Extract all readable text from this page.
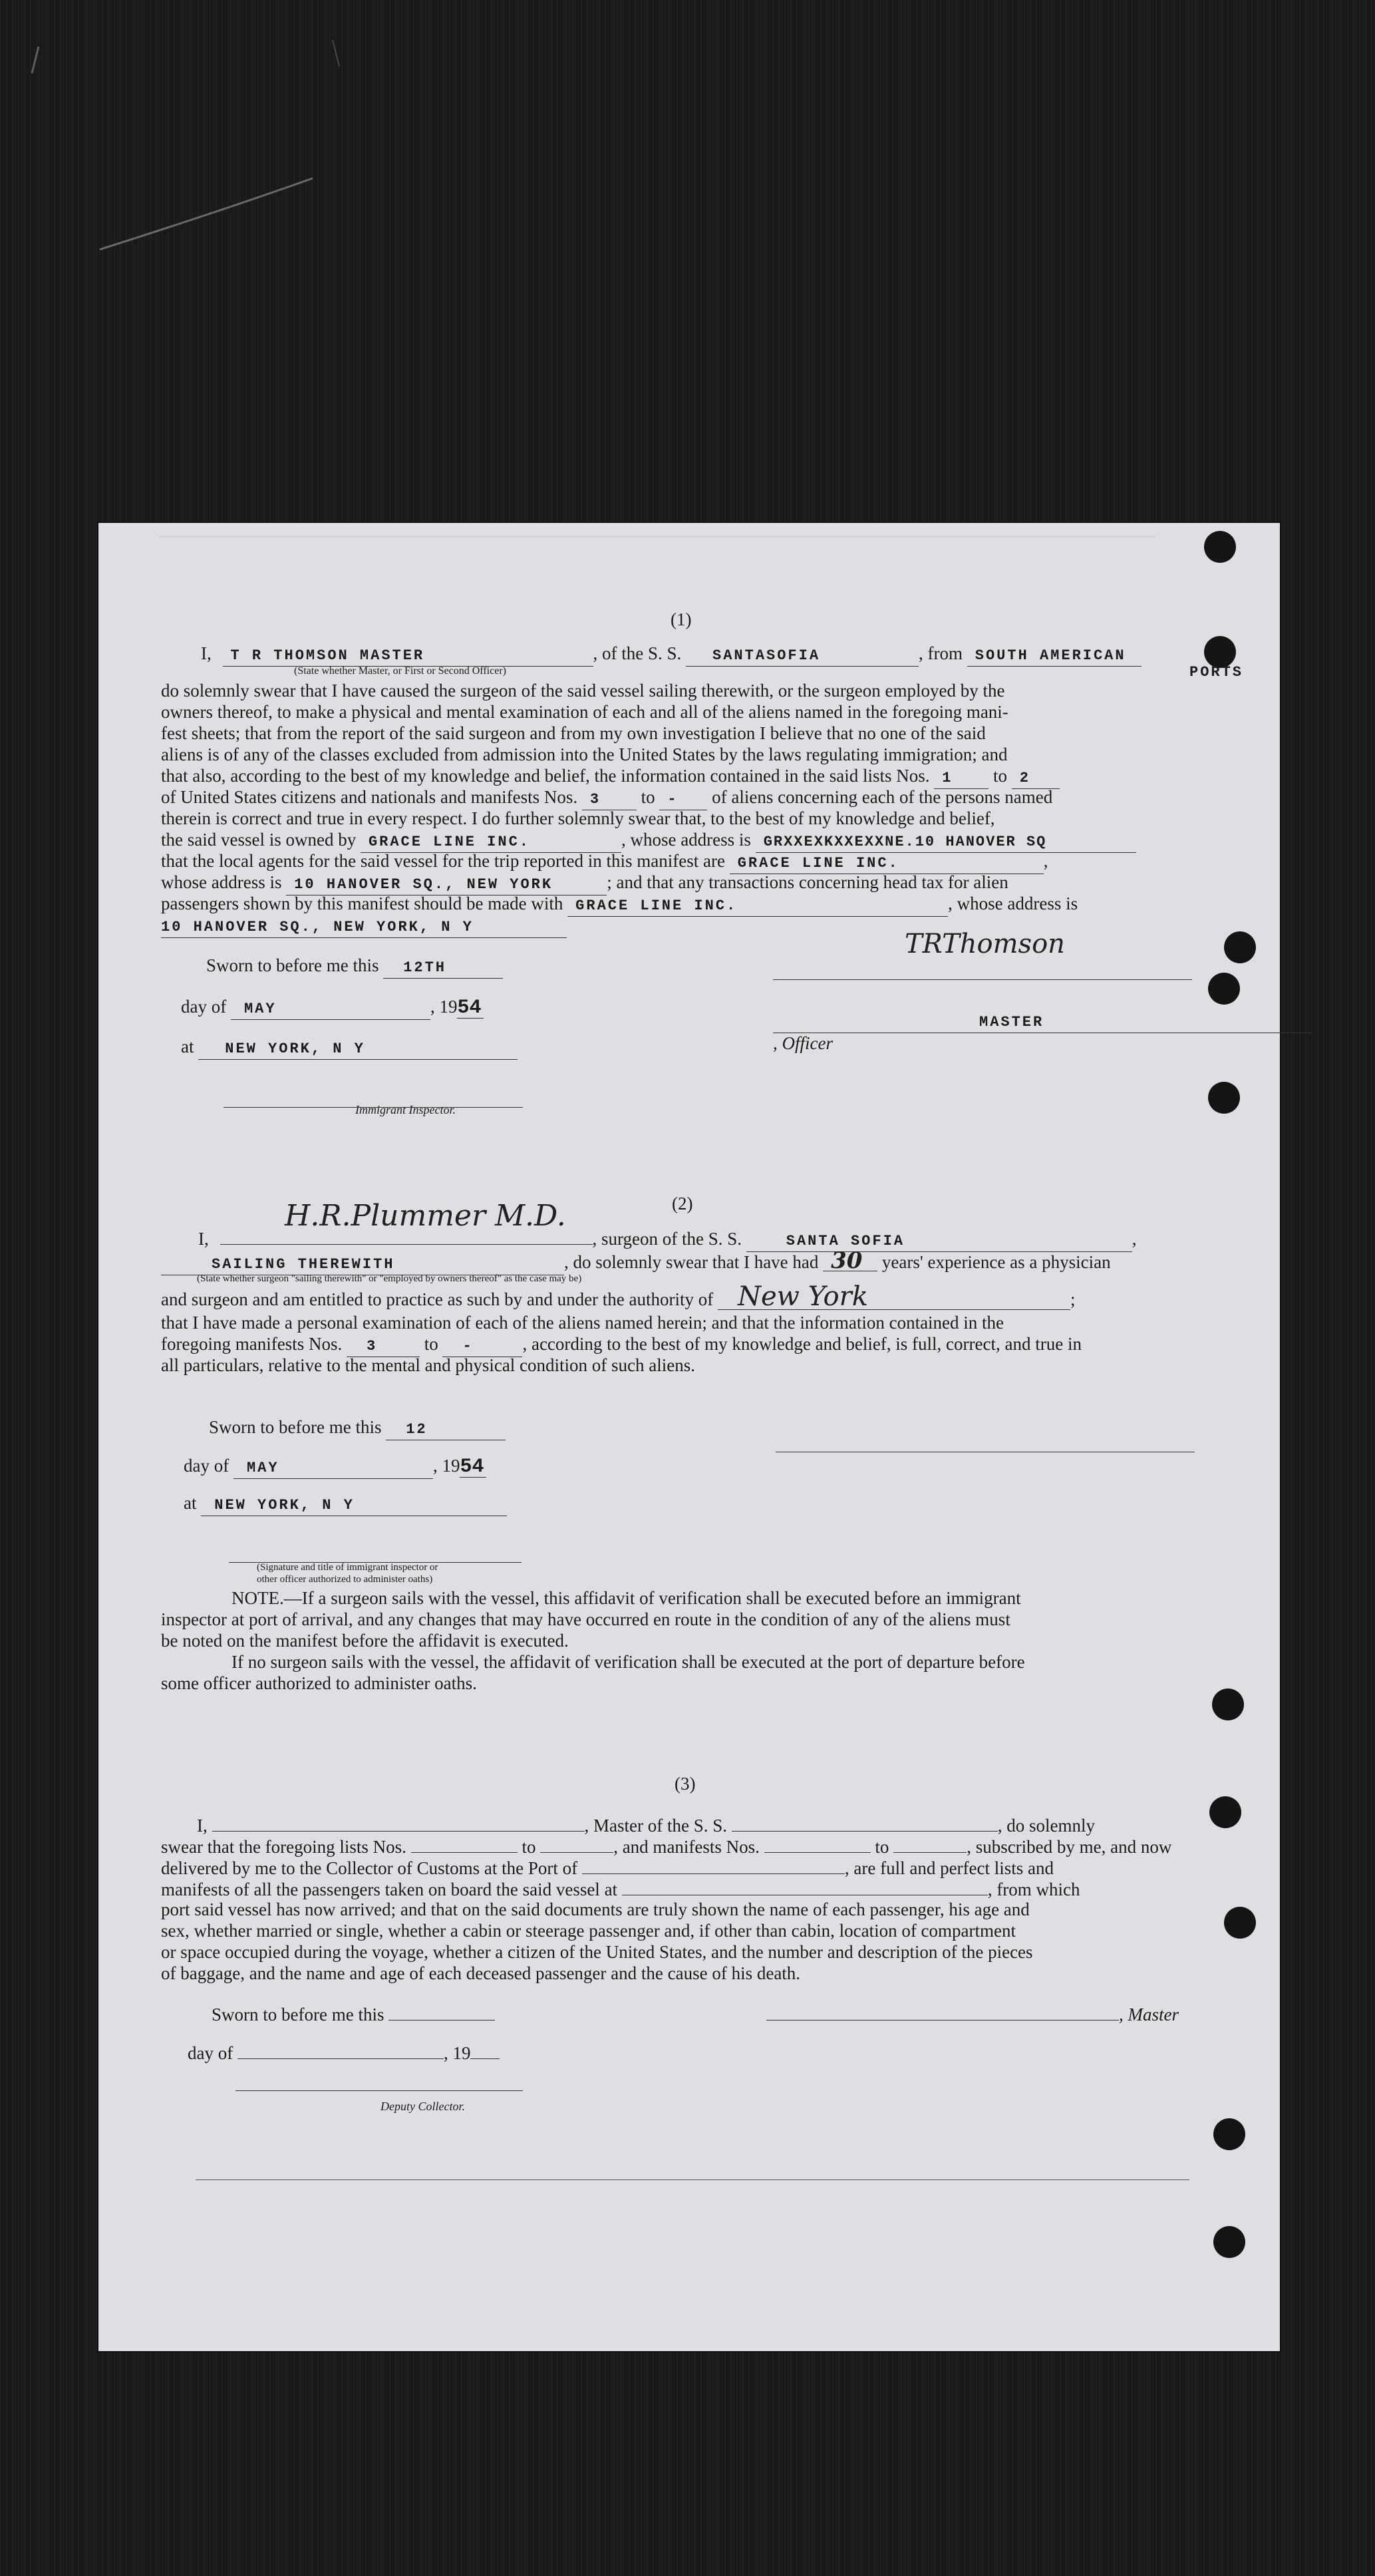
(1)
I, T R THOMSON MASTER	, of the S. S. SANTASOFIA	, from SOUTH AMERICAN
(State whether Master, or First or Second Officer)	PORTS
do solemnly swear that I have caused the surgeon of the said vessel sailing therewith, or the surgeon employed by the
owners thereof, to make a physical and mental examination of each and all of the aliens named in the foregoing mani-
fest sheets; that from the report of the said surgeon and from my own investigation I believe that no one of the said
aliens is of any of the classes excluded from admission into the United States by the laws regulating immigration; and
that also, according to the best of my knowledge and belief, the information contained in the said lists Nos. 1 to 2
of United States citizens and nationals and manifests Nos. 3 to - of aliens concerning each of the persons named
therein is correct and true in every respect. I do further solemnly swear that, to the best of my knowledge and belief,
the said vessel is owned by GRACE LINE INC.	, whose address is GRXXEXKXXEXXNE.10 HANOVER SQ
that the local agents for the said vessel for the trip reported in this manifest are GRACE LINE INC.	,
whose address is 10 HANOVER SQ., NEW YORK	; and that any transactions concerning head tax for alien
passengers shown by this manifest should be made with GRACE LINE INC.	, whose address is
10 HANOVER SQ., NEW YORK, N Y
Sworn to before me this 12TH
TRThomson
day of MAY	, 1954
MASTER, Officer
at NEW YORK, N Y
Immigrant Inspector.
(2)
H.R.Plummer M.D.
I,	, surgeon of the S. S.	SANTA SOFIA	,
SAILING THEREWITH	, do solemnly swear that I have had 30 years' experience as a physician
(State whether surgeon "sailing therewith" or "employed by owners thereof" as the case may be)
and surgeon and am entitled to practice as such by and under the authority of New York	;
that I have made a personal examination of each of the aliens named herein; and that the information contained in the
foregoing manifests Nos. 3	to -	, according to the best of my knowledge and belief, is full, correct, and true in
all particulars, relative to the mental and physical condition of such aliens.
Sworn to before me this 12
day of MAY	, 1954
at NEW YORK, N Y
(Signature and title of immigrant inspector or
other officer authorized to administer oaths)
NOTE.—If a surgeon sails with the vessel, this affidavit of verification shall be executed before an immigrant
inspector at port of arrival, and any changes that may have occurred en route in the condition of any of the aliens must
be noted on the manifest before the affidavit is executed.
If no surgeon sails with the vessel, the affidavit of verification shall be executed at the port of departure before
some officer authorized to administer oaths.
(3)
I,	, Master of the S. S.	, do solemnly
swear that the foregoing lists Nos.	to	, and manifests Nos.	to	, subscribed by me, and now
delivered by me to the Collector of Customs at the Port of	, are full and perfect lists and
manifests of all the passengers taken on board the said vessel at	, from which
port said vessel has now arrived; and that on the said documents are truly shown the name of each passenger, his age and
sex, whether married or single, whether a cabin or steerage passenger and, if other than cabin, location of compartment
or space occupied during the voyage, whether a citizen of the United States, and the number and description of the pieces
of baggage, and the name and age of each deceased passenger and the cause of his death.
Sworn to before me this	, Master
day of	, 19
Deputy Collector.
